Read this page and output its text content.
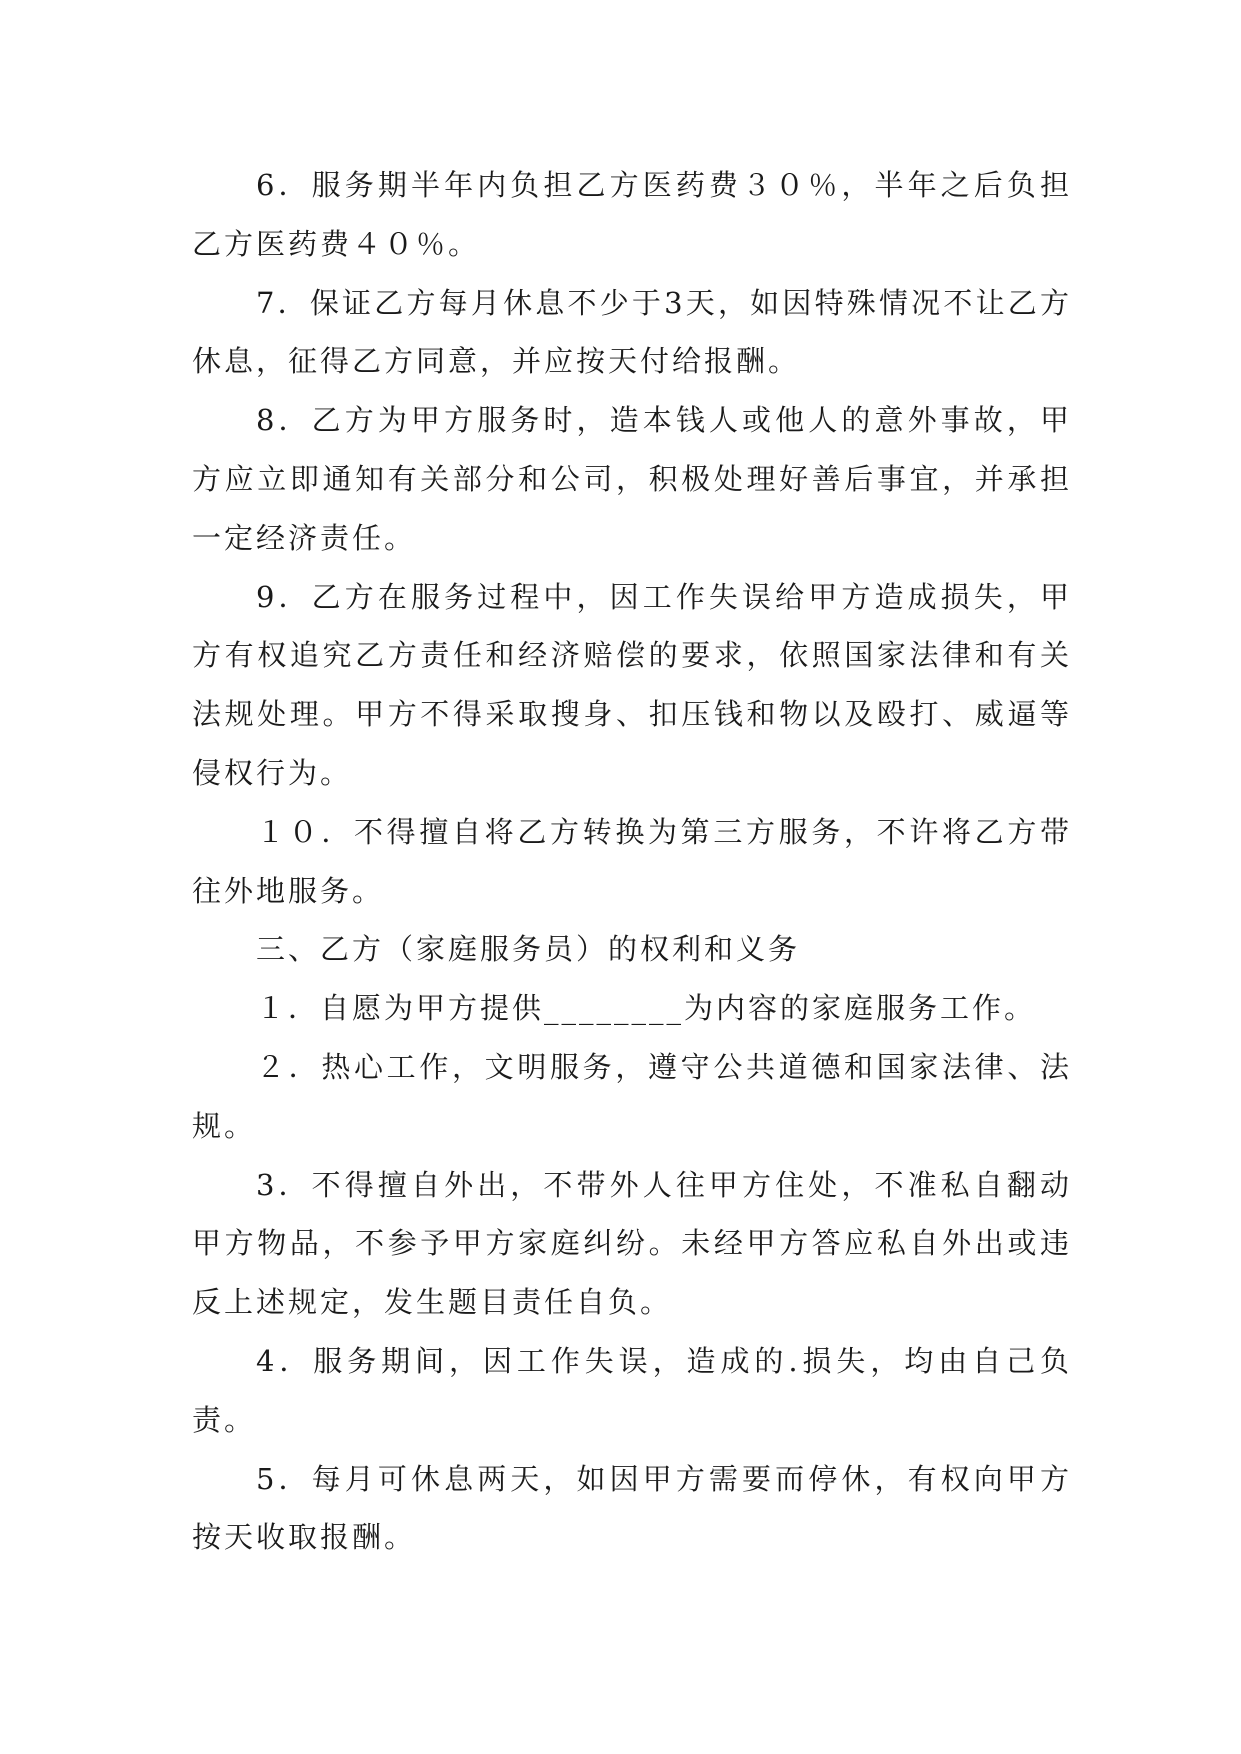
6．服务期半年内负担乙方医药费３０％，半年之后负担乙方医药费４０％。

7．保证乙方每月休息不少于3天，如因特殊情况不让乙方休息，征得乙方同意，并应按天付给报酬。

8．乙方为甲方服务时，造本钱人或他人的意外事故，甲方应立即通知有关部分和公司，积极处理好善后事宜，并承担一定经济责任。

9．乙方在服务过程中，因工作失误给甲方造成损失，甲方有权追究乙方责任和经济赔偿的要求，依照国家法律和有关法规处理。甲方不得采取搜身、扣压钱和物以及殴打、威逼等侵权行为。

１０．不得擅自将乙方转换为第三方服务，不许将乙方带往外地服务。

三、乙方（家庭服务员）的权利和义务

１．自愿为甲方提供________为内容的家庭服务工作。

２．热心工作，文明服务，遵守公共道德和国家法律、法规。

3．不得擅自外出，不带外人往甲方住处，不准私自翻动甲方物品，不参予甲方家庭纠纷。未经甲方答应私自外出或违反上述规定，发生题目责任自负。

4．服务期间，因工作失误，造成的.损失，均由自己负责。

5．每月可休息两天，如因甲方需要而停休，有权向甲方按天收取报酬。
